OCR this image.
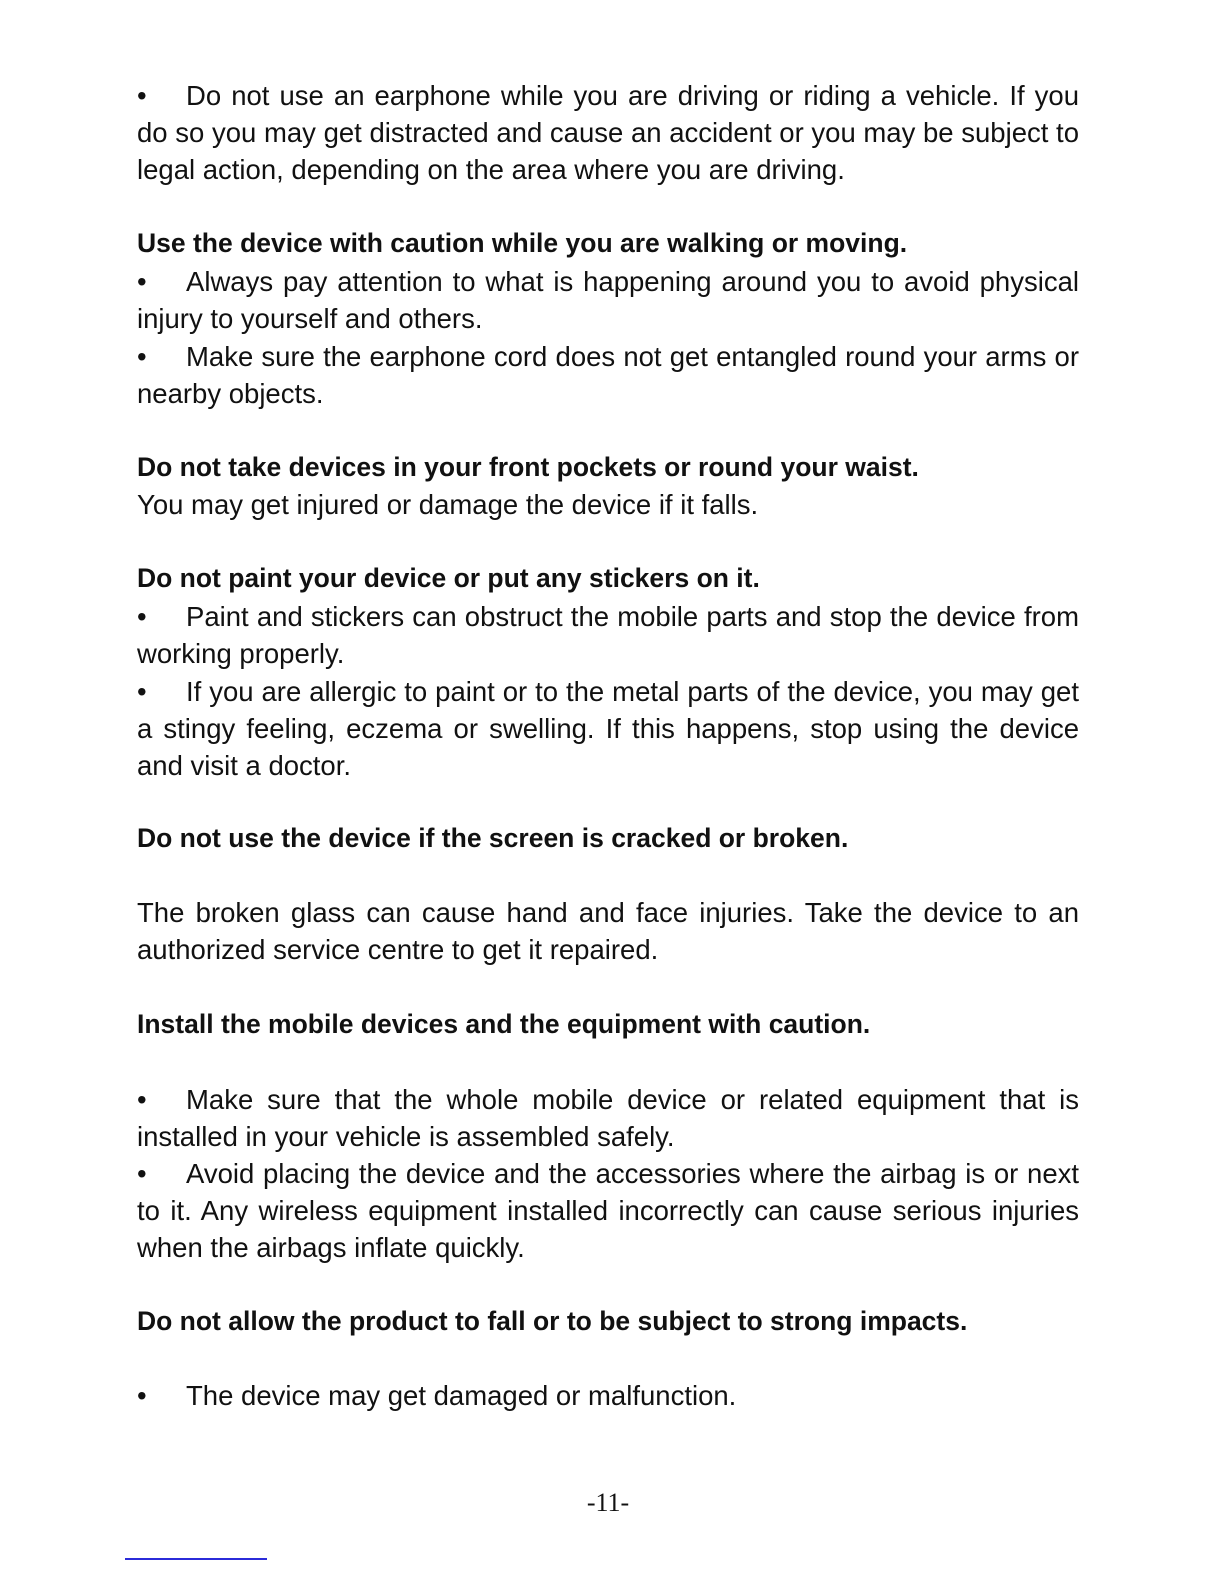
• Do not use an earphone while you are driving or riding a vehicle. If you do so you may get distracted and cause an accident or you may be subject to legal action, depending on the area where you are driving.

Use the device with caution while you are walking or moving.

• Always pay attention to what is happening around you to avoid physical injury to yourself and others.

• Make sure the earphone cord does not get entangled round your arms or nearby objects.

Do not take devices in your front pockets or round your waist.

You may get injured or damage the device if it falls.

Do not paint your device or put any stickers on it.

• Paint and stickers can obstruct the mobile parts and stop the device from working properly.

• If you are allergic to paint or to the metal parts of the device, you may get a stingy feeling, eczema or swelling. If this happens, stop using the device and visit a doctor.

Do not use the device if the screen is cracked or broken.

The broken glass can cause hand and face injuries. Take the device to an authorized service centre to get it repaired.

Install the mobile devices and the equipment with caution.

• Make sure that the whole mobile device or related equipment that is installed in your vehicle is assembled safely.

• Avoid placing the device and the accessories where the airbag is or next to it. Any wireless equipment installed incorrectly can cause serious injuries when the airbags inflate quickly.

Do not allow the product to fall or to be subject to strong impacts.

• The device may get damaged or malfunction.

-11-
